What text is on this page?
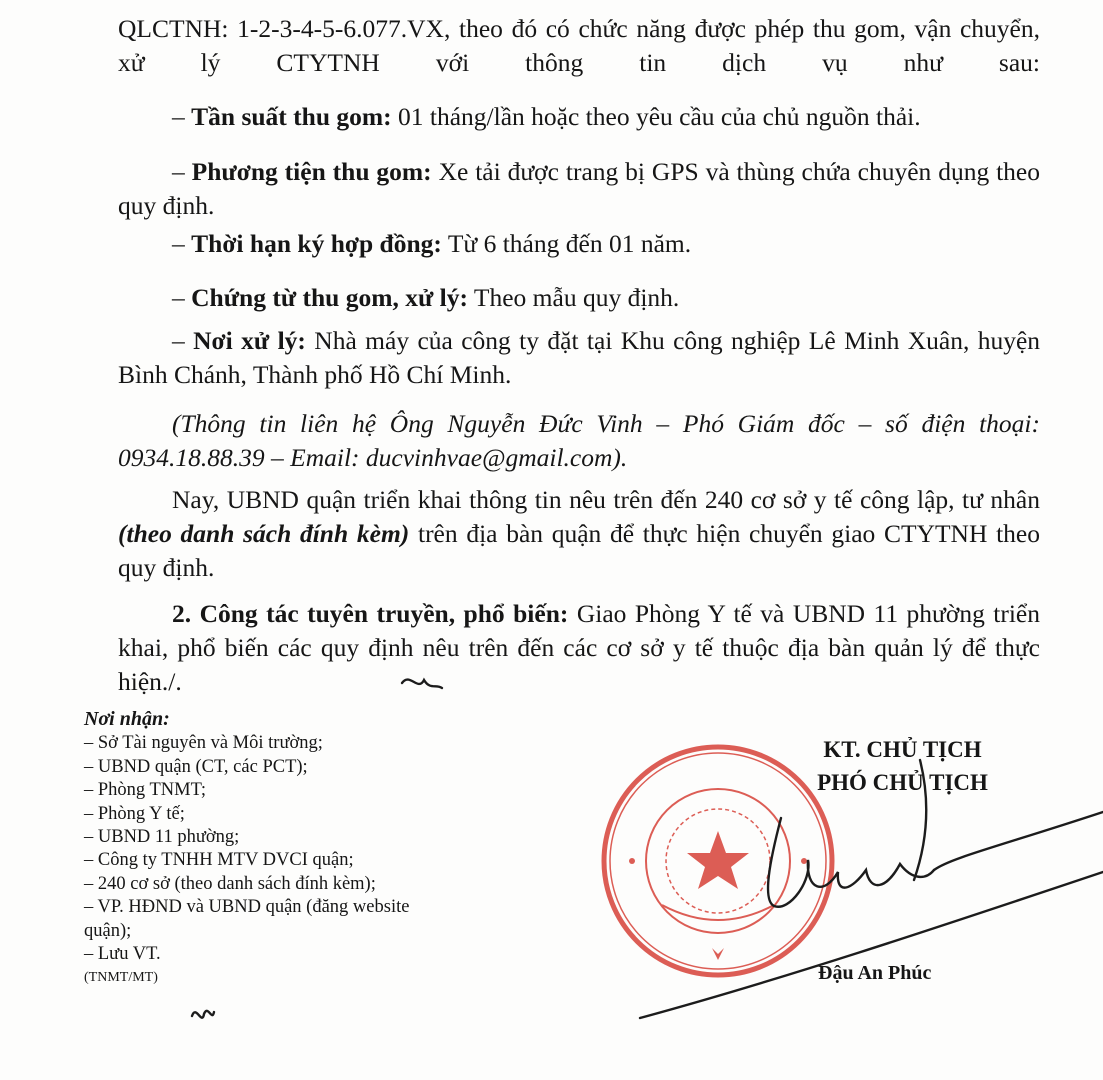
QLCTNH: 1-2-3-4-5-6.077.VX, theo đó có chức năng được phép thu gom, vận chuyển, xử lý CTYTNH với thông tin dịch vụ như sau:
– Tần suất thu gom: 01 tháng/lần hoặc theo yêu cầu của chủ nguồn thải.
– Phương tiện thu gom: Xe tải được trang bị GPS và thùng chứa chuyên dụng theo quy định.
– Thời hạn ký hợp đồng: Từ 6 tháng đến 01 năm.
– Chứng từ thu gom, xử lý: Theo mẫu quy định.
– Nơi xử lý: Nhà máy của công ty đặt tại Khu công nghiệp Lê Minh Xuân, huyện Bình Chánh, Thành phố Hồ Chí Minh.
(Thông tin liên hệ Ông Nguyễn Đức Vinh – Phó Giám đốc – số điện thoại: 0934.18.88.39 – Email: ducvinhvae@gmail.com).
Nay, UBND quận triển khai thông tin nêu trên đến 240 cơ sở y tế công lập, tư nhân (theo danh sách đính kèm) trên địa bàn quận để thực hiện chuyển giao CTYTNH theo quy định.
2. Công tác tuyên truyền, phổ biến: Giao Phòng Y tế và UBND 11 phường triển khai, phổ biến các quy định nêu trên đến các cơ sở y tế thuộc địa bàn quản lý để thực hiện./.
Nơi nhận:
– Sở Tài nguyên và Môi trường;
– UBND quận (CT, các PCT);
– Phòng TNMT;
– Phòng Y tế;
– UBND 11 phường;
– Công ty TNHH MTV DVCI quận;
– 240 cơ sở (theo danh sách đính kèm);
– VP. HĐND và UBND quận (đăng website quận);
– Lưu VT.
(TNMT/MT)
KT. CHỦ TỊCH
PHÓ CHỦ TỊCH
Đậu An Phúc
